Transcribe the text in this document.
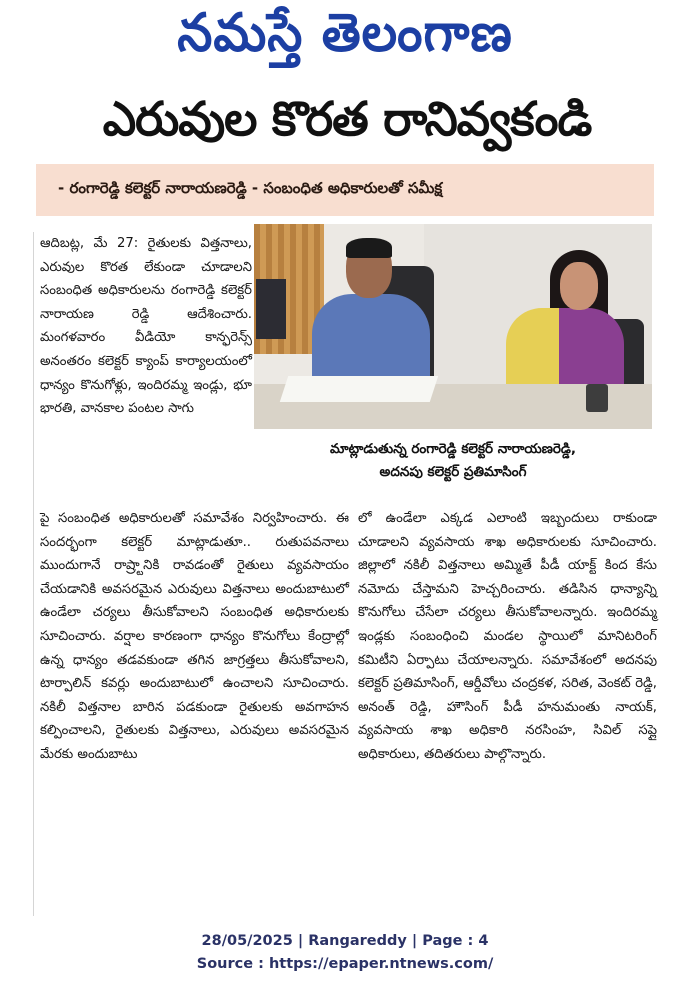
నమస్తే తెలంగాణ
ఎరువుల కొరత రానివ్వకండి
- రంగారెడ్డి కలెక్టర్ నారాయణరెడ్డి - సంబంధిత అధికారులతో సమీక్ష
ఆదిబట్ల, మే 27: రైతులకు విత్తనాలు, ఎరువుల కొరత లేకుండా చూడాలని సంబంధిత అధికారులను రంగారెడ్డి కలెక్టర్ నారాయణ రెడ్డి ఆదేశించారు. మంగళవారం వీడియో కాన్ఫరెన్స్ అనంతరం కలెక్టర్ క్యాంప్ కార్యాలయంలో ధాన్యం కొనుగోళ్లు, ఇందిరమ్మ ఇండ్లు, భూ భారతి, వానకాల పంటల సాగు
మాట్లాడుతున్న రంగారెడ్డి కలెక్టర్ నారాయణరెడ్డి,
అదనపు కలెక్టర్ ప్రతిమాసింగ్
పై సంబంధిత అధికారులతో సమావేశం నిర్వహించారు. ఈ సందర్భంగా కలెక్టర్ మాట్లాడుతూ.. రుతుపవనాలు ముందుగానే రాష్ర్టానికి రావడంతో రైతులు వ్యవసాయం చేయడానికి అవసరమైన ఎరువులు విత్తనాలు అందుబాటులో ఉండేలా చర్యలు తీసుకోవాలని సంబంధిత అధికారులకు సూచించారు. వర్షాల కారణంగా ధాన్యం కొనుగోలు కేంద్రాల్లో ఉన్న ధాన్యం తడవకుండా తగిన జాగ్రత్తలు తీసుకోవాలని, టార్పాలిన్ కవర్లు అందుబాటులో ఉంచాలని సూచించారు. నకిలీ విత్తనాల బారిన పడకుండా రైతులకు అవగాహన కల్పించాలని, రైతులకు విత్తనాలు, ఎరువులు అవసరమైన మేరకు అందుబాటు
లో ఉండేలా ఎక్కడ ఎలాంటి ఇబ్బందులు రాకుండా చూడాలని వ్యవసాయ శాఖ అధికారులకు సూచించారు. జిల్లాలో నకిలీ విత్తనాలు అమ్మితే పీడీ యాక్ట్ కింద కేసు నమోదు చేస్తామని హెచ్చరించారు. తడిసిన ధాన్యాన్ని కొనుగోలు చేసేలా చర్యలు తీసుకోవాలన్నారు. ఇందిరమ్మ ఇండ్లకు సంబంధించి మండల స్థాయిలో మానిటరింగ్ కమిటీని ఏర్పాటు చేయాలన్నారు. సమావేశంలో అదనపు కలెక్టర్ ప్రతిమాసింగ్, ఆర్డీవోలు చంద్రకళ, సరిత, వెంకట్ రెడ్డి, అనంత్ రెడ్డి, హౌసింగ్ పీడీ హనుమంతు నాయక్, వ్యవసాయ శాఖ అధికారి నరసింహ, సివిల్ సప్లై అధికారులు, తదితరులు పాల్గొన్నారు.
28/05/2025 | Rangareddy | Page : 4
Source : https://epaper.ntnews.com/
